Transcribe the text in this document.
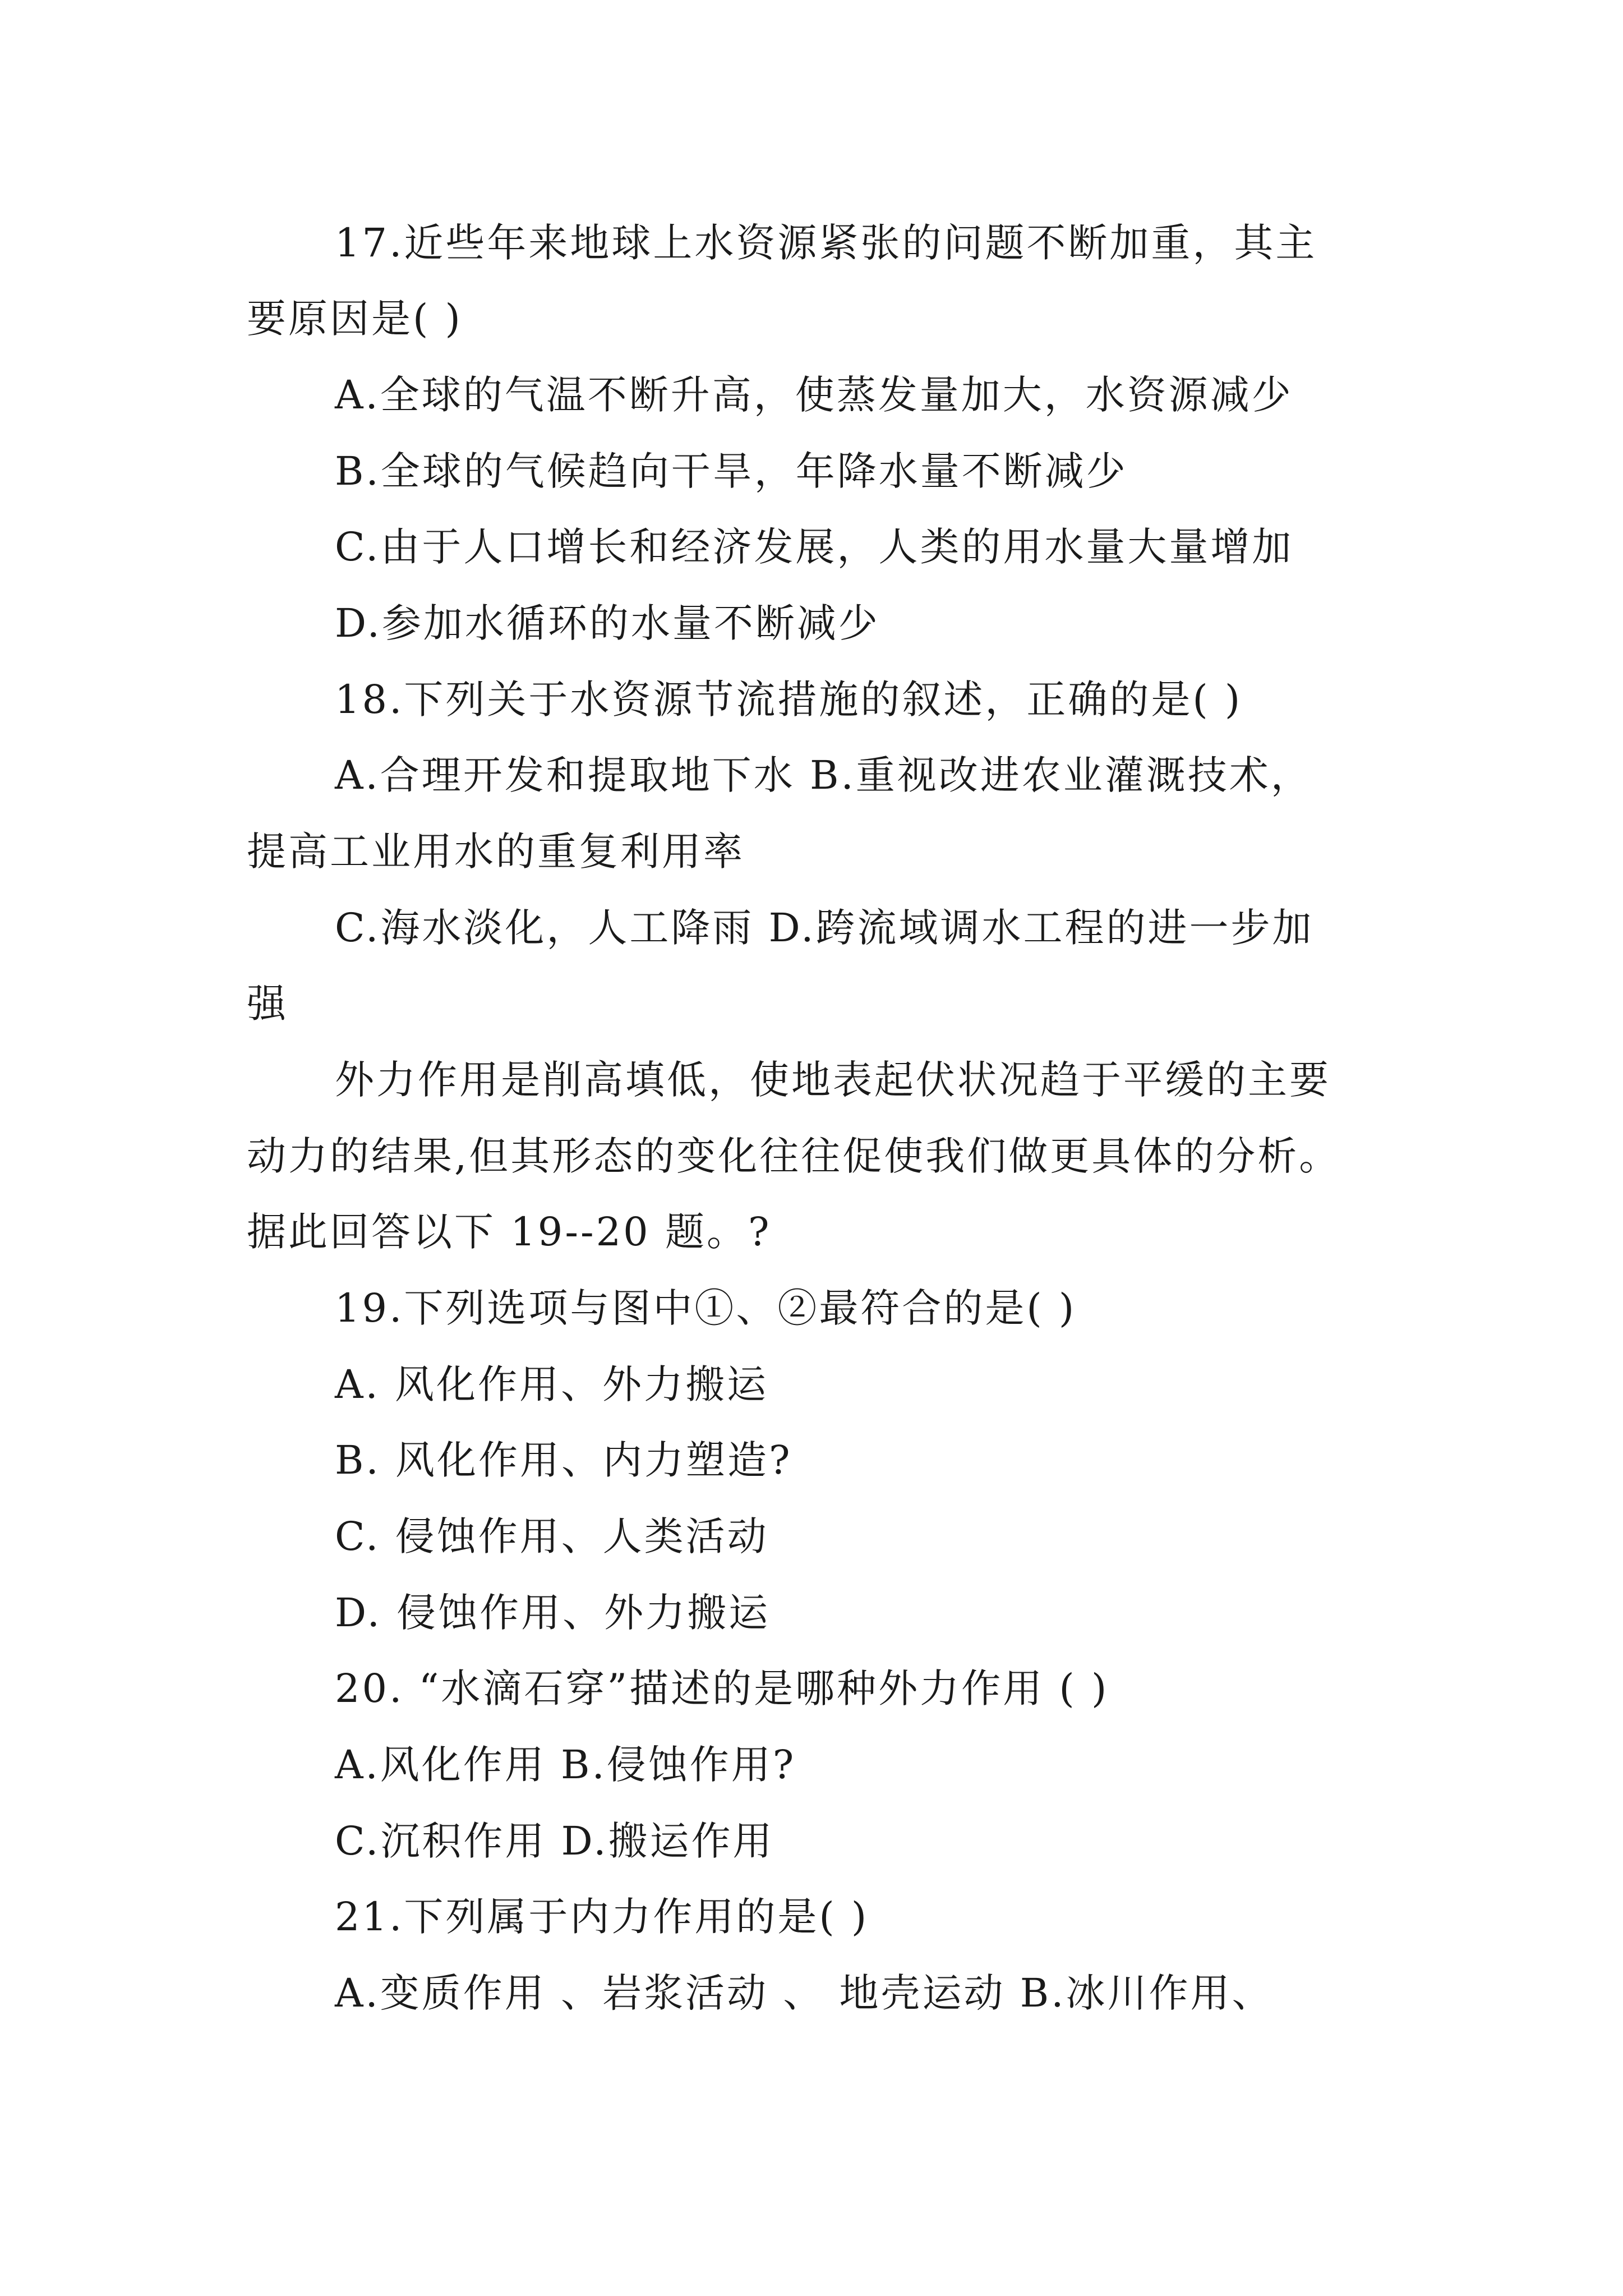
17.近些年来地球上水资源紧张的问题不断加重，其主
要原因是( )
A.全球的气温不断升高，使蒸发量加大，水资源减少
B.全球的气候趋向干旱，年降水量不断减少
C.由于人口增长和经济发展，人类的用水量大量增加
D.参加水循环的水量不断减少
18.下列关于水资源节流措施的叙述，正确的是( )
A.合理开发和提取地下水 B.重视改进农业灌溉技术，
提高工业用水的重复利用率
C.海水淡化，人工降雨 D.跨流域调水工程的进一步加
强
外力作用是削高填低，使地表起伏状况趋于平缓的主要
动力的结果,但其形态的变化往往促使我们做更具体的分析。
据此回答以下 19--20 题。?
19.下列选项与图中①、②最符合的是( )
A. 风化作用、外力搬运
B. 风化作用、内力塑造?
C. 侵蚀作用、人类活动
D. 侵蚀作用、外力搬运
20. “水滴石穿”描述的是哪种外力作用 ( )
A.风化作用 B.侵蚀作用?
C.沉积作用 D.搬运作用
21.下列属于内力作用的是( )
A.变质作用 、岩浆活动 、 地壳运动 B.冰川作用、
